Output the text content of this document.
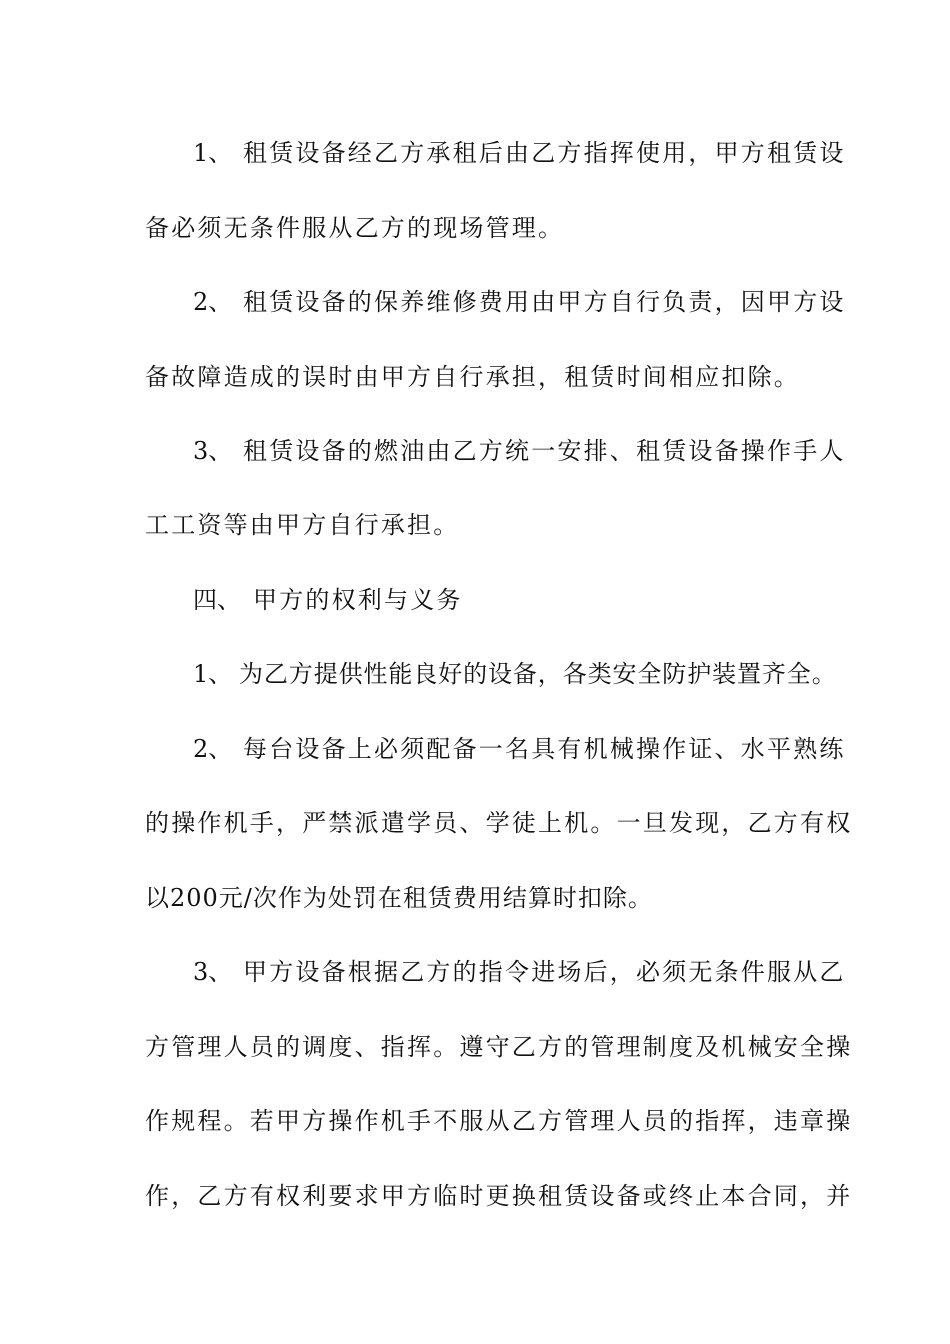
1、 租赁设备经乙方承租后由乙方指挥使用，甲方租赁设
备必须无条件服从乙方的现场管理。
2、 租赁设备的保养维修费用由甲方自行负责，因甲方设
备故障造成的误时由甲方自行承担，租赁时间相应扣除。
3、 租赁设备的燃油由乙方统一安排、租赁设备操作手人
工工资等由甲方自行承担。
四、 甲方的权利与义务
1、 为乙方提供性能良好的设备，各类安全防护装置齐全。
2、 每台设备上必须配备一名具有机械操作证、水平熟练
的操作机手，严禁派遣学员、学徒上机。一旦发现，乙方有权
以200元/次作为处罚在租赁费用结算时扣除。
3、 甲方设备根据乙方的指令进场后，必须无条件服从乙
方管理人员的调度、指挥。遵守乙方的管理制度及机械安全操
作规程。若甲方操作机手不服从乙方管理人员的指挥，违章操
作，乙方有权利要求甲方临时更换租赁设备或终止本合同，并
